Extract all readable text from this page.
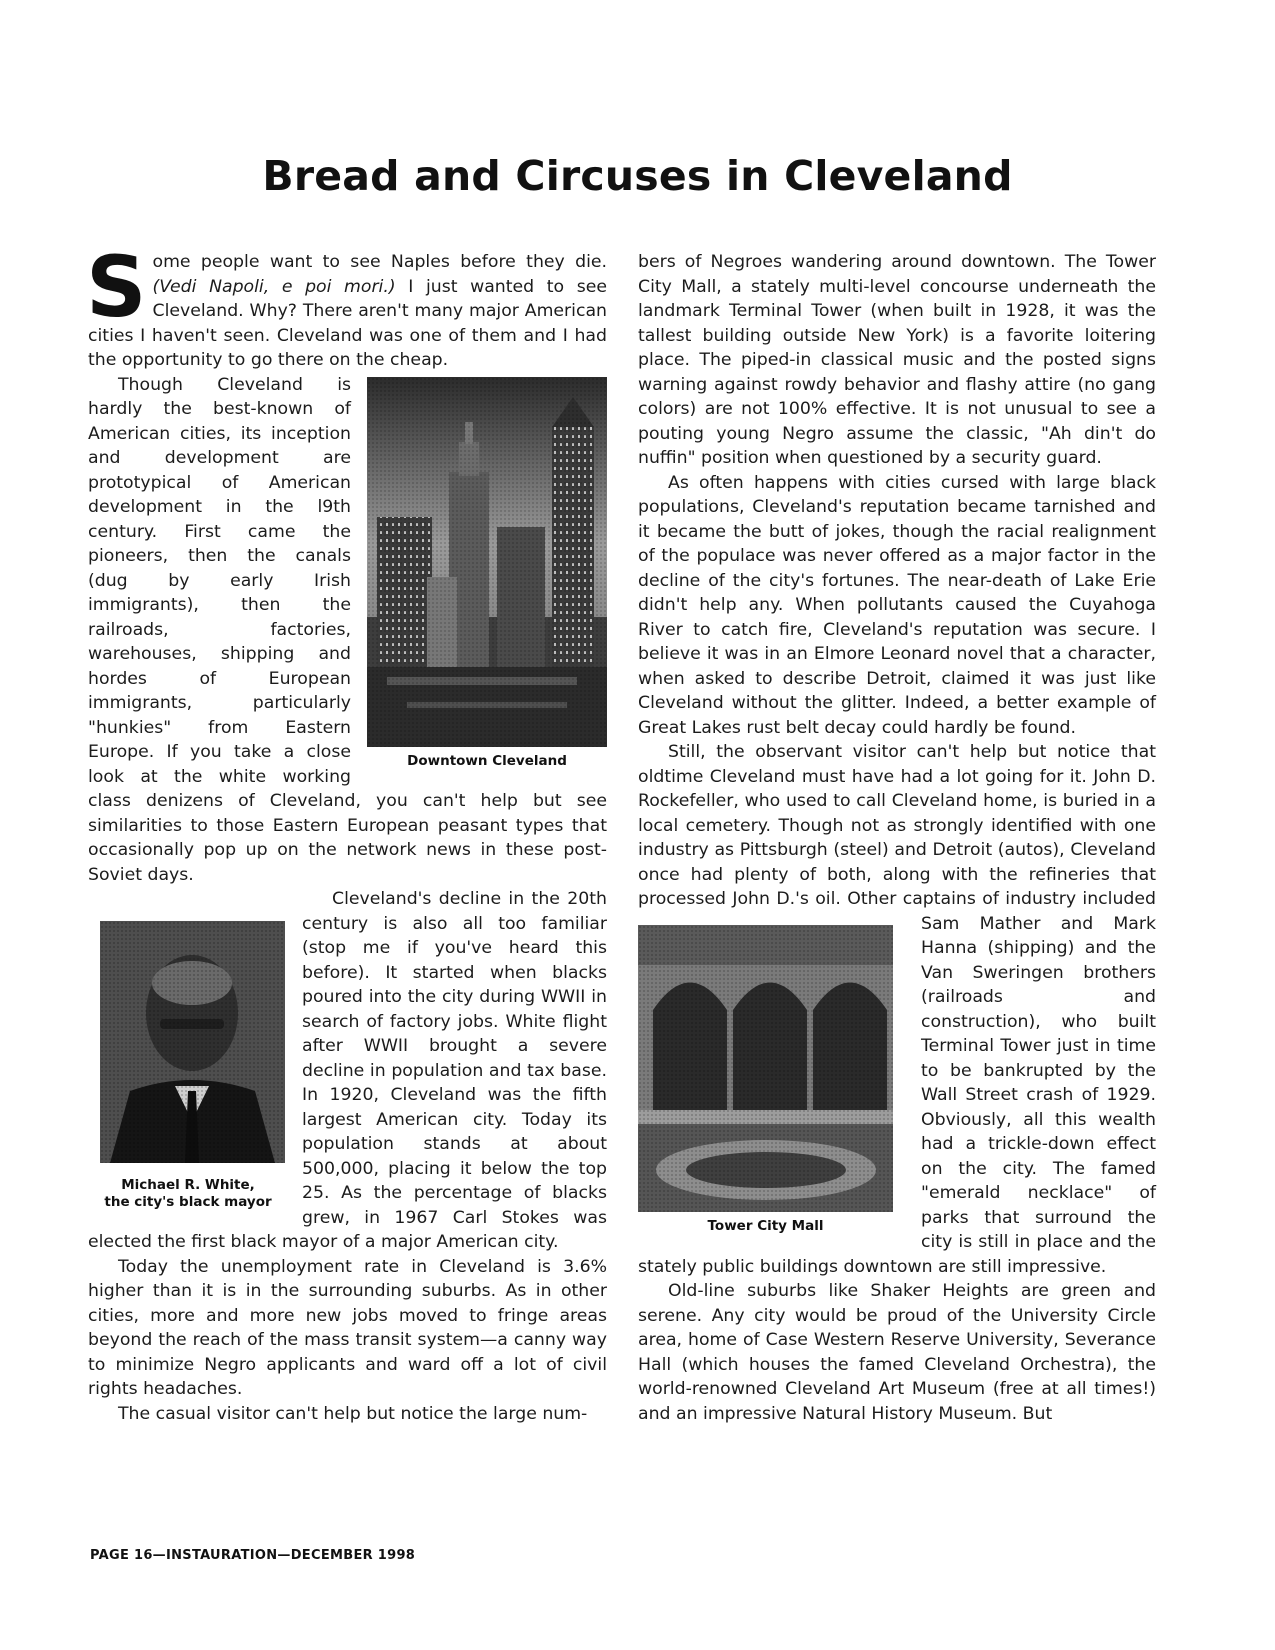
Bread and Circuses in Cleveland

Some people want to see Naples before they die. (Vedi Napoli, e poi mori.) I just wanted to see Cleveland. Why? There aren't many major American cities I haven't seen. Cleveland was one of them and I had the opportunity to go there on the cheap.

Downtown Cleveland

Though Cleveland is hardly the best-known of American cities, its inception and development are prototypical of American development in the l9th century. First came the pioneers, then the canals (dug by early Irish immigrants), then the railroads, factories, warehouses, shipping and hordes of European immigrants, particularly "hunkies" from Eastern Europe. If you take a close look at the white working class denizens of Cleveland, you can't help but see similarities to those Eastern European peasant types that occasionally pop up on the network news in these post-Soviet days.

Michael R. White,
the city's black mayor

Cleveland's decline in the 20th century is also all too familiar (stop me if you've heard this before). It started when blacks poured into the city during WWII in search of factory jobs. White flight after WWII brought a severe decline in population and tax base. In 1920, Cleveland was the fifth largest American city. Today its population stands at about 500,000, placing it below the top 25. As the percentage of blacks grew, in 1967 Carl Stokes was elected the first black mayor of a major American city.

Today the unemployment rate in Cleveland is 3.6% higher than it is in the surrounding suburbs. As in other cities, more and more new jobs moved to fringe areas beyond the reach of the mass transit system—a canny way to minimize Negro applicants and ward off a lot of civil rights headaches.

The casual visitor can't help but notice the large num-

bers of Negroes wandering around downtown. The Tower City Mall, a stately multi-level concourse underneath the landmark Terminal Tower (when built in 1928, it was the tallest building outside New York) is a favorite loitering place. The piped-in classical music and the posted signs warning against rowdy behavior and flashy attire (no gang colors) are not 100% effective. It is not unusual to see a pouting young Negro assume the classic, "Ah din't do nuffin" position when questioned by a security guard.

As often happens with cities cursed with large black populations, Cleveland's reputation became tarnished and it became the butt of jokes, though the racial realignment of the populace was never offered as a major factor in the decline of the city's fortunes. The near-death of Lake Erie didn't help any. When pollutants caused the Cuyahoga River to catch fire, Cleveland's reputation was secure. I believe it was in an Elmore Leonard novel that a character, when asked to describe Detroit, claimed it was just like Cleveland without the glitter. Indeed, a better example of Great Lakes rust belt decay could hardly be found.

Still, the observant visitor can't help but notice that oldtime Cleveland must have had a lot going for it. John D. Rockefeller, who used to call Cleveland home, is buried in a local cemetery. Though not as strongly identified with one industry as Pittsburgh (steel) and Detroit (autos), Cleveland once had plenty of both, along with the refineries that processed John D.'s oil. Other captains of industry included
Sam Mather and Mark Hanna (shipping) and the Van Sweringen brothers (railroads and construction), who built Terminal Tower just in time to be bankrupted by the Wall Street crash of 1929. Obviously, all this wealth had a trickle-down effect on the city. The famed "emerald necklace" of parks that surround the city is still in place and the stately public buildings downtown are still impressive.

Old-line suburbs like Shaker Heights are green and serene. Any city would be proud of the University Circle area, home of Case Western Reserve University, Severance Hall (which houses the famed Cleveland Orchestra), the world-renowned Cleveland Art Museum (free at all times!) and an impressive Natural History Museum. But

Tower City Mall
PAGE 16—INSTAURATION—DECEMBER 1998
